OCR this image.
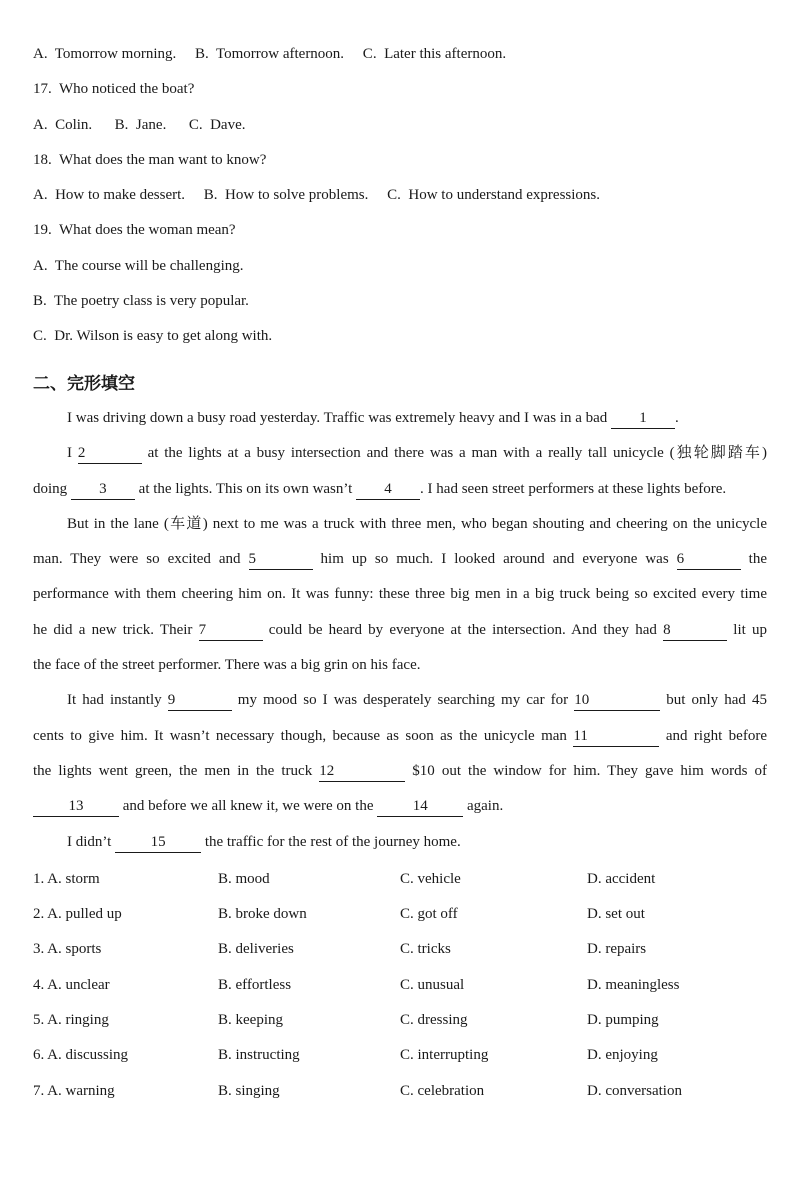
A.  Tomorrow morning.     B.  Tomorrow afternoon.     C.  Later this afternoon.
17.  Who noticed the boat?
A.  Colin.      B.  Jane.      C.  Dave.
18.  What does the man want to know?
A.  How to make dessert.     B.  How to solve problems.     C.  How to understand expressions.
19.  What does the woman mean?
A.  The course will be challenging.
B.  The poetry class is very popular.
C.  Dr. Wilson is easy to get along with.
二、完形填空
I was driving down a busy road yesterday. Traffic was extremely heavy and I was in a bad 1 .
I 2	at the lights at a busy intersection and there was a man with a really tall unicycle (独轮脚踏车)
doing 3 at the lights. This on its own wasn’t 4 . I had seen street performers at these lights before.
But in the lane (车道) next to me was a truck with three men, who began shouting and cheering on the unicycle
man. They were so excited and 5	him up so much. I looked around and everyone was 6	the
performance with them cheering him on. It was funny: these three big men in a big truck being so excited every time
he did a new trick. Their 7	could be heard by everyone at the intersection. And they had 8	lit up
the face of the street performer. There was a big grin on his face.
It had instantly 9	my mood so I was desperately searching my car for 10	but only had 45
cents to give him. It wasn’t necessary though, because as soon as the unicycle man 11	and right before
the lights went green, the men in the truck 12	$10 out the window for him. They gave him words of
13 and before we all knew it, we were on the 14 again.
I didn’t 15 the traffic for the rest of the journey home.
1. A. storm	B. mood	C. vehicle	D. accident
2. A. pulled up	B. broke down	C. got off	D. set out
3. A. sports	B. deliveries	C. tricks	D. repairs
4. A. unclear	B. effortless	C. unusual	D. meaningless
5. A. ringing	B. keeping	C. dressing	D. pumping
6. A. discussing	B. instructing	C. interrupting	D. enjoying
7. A. warning	B. singing	C. celebration	D. conversation
